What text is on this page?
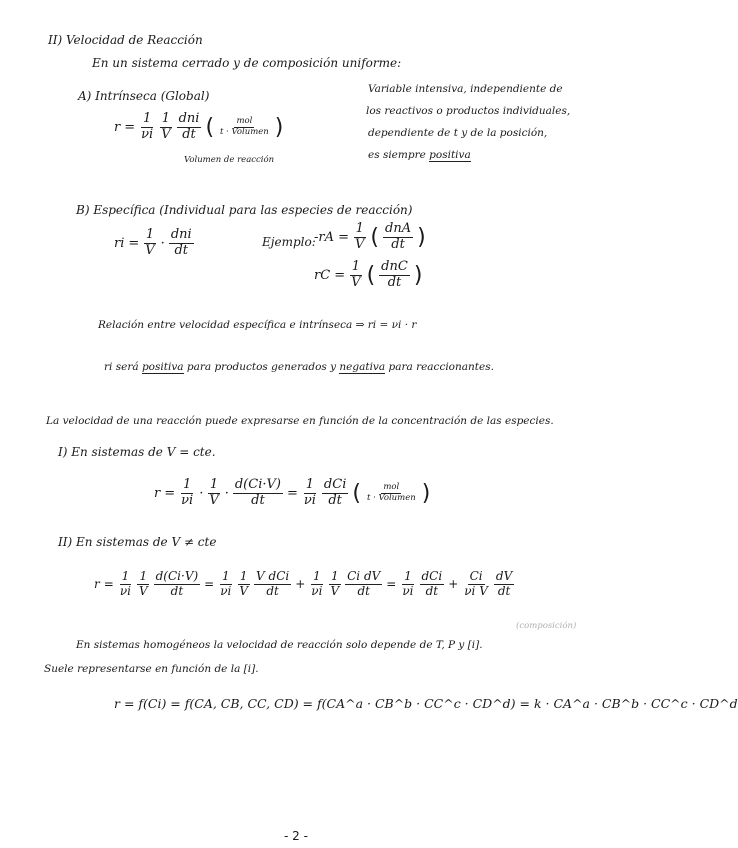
II) Velocidad de Reacción
En un sistema cerrado y de composición uniforme:
A) Intrínseca (Global)
$r = \frac{1}{\nu i} \frac{1}{V} \frac{\text{dni}}{dt}$ ( $\frac{\text{mol}}{\text{t · Volumen}}$ )
Volumen de reacción
Variable intensiva, independiente de
los reactivos o productos individuales,
dependiente de t y de la posición,
es siempre positiva
B) Específica (Individual para las especies de reacción)
ri = $\frac{1}{V} \cdot \frac{\text{dni}}{dt}$	Ejemplo:
$-rA = \frac{1}{V}$ ( $\frac{\text{dnA}}{dt}$ )
rC = $\frac{1}{V}$ ( $\frac{\text{dnC}}{dt}$ )
Relación entre velocidad específica e intrínseca ⇒ ri = νi · r
ri será positiva para productos generados y negativa para reaccionantes.
La velocidad de una reacción puede expresarse en función de la concentración de las especies.
I) En sistemas de V = cte.
$r = \frac{1}{\nu i} \cdot \frac{1}{V} \cdot \frac{d(Ci\cdot V)}{dt} = \frac{1}{\nu i} \frac{\text{dCi}}{dt}$ ( $\frac{\text{mol}}{\text{t · Volumen}}$ )
II) En sistemas de V ≠ cte
$r = \frac{1}{\nu i} \frac{1}{V} \frac{d(Ci\cdot V)}{dt} = \frac{1}{\nu i} \frac{1}{V} \frac{\text{V dCi}}{dt} + \frac{1}{\nu i} \frac{1}{V} \frac{\text{Ci dV}}{dt} = \frac{1}{\nu i} \frac{\text{dCi}}{dt} + \frac{Ci}{\text{νi V}} \frac{dV}{dt}$
En sistemas homogéneos la velocidad de reacción solo depende de T, P y [i].
(composición)
Suele representarse en función de la [i].
r = f(Ci) = f(CA, CB, CC, CD) = f(CA^a · CB^b · CC^c · CD^d) = k · CA^a · CB^b · CC^c · CD^d
- 2 -
